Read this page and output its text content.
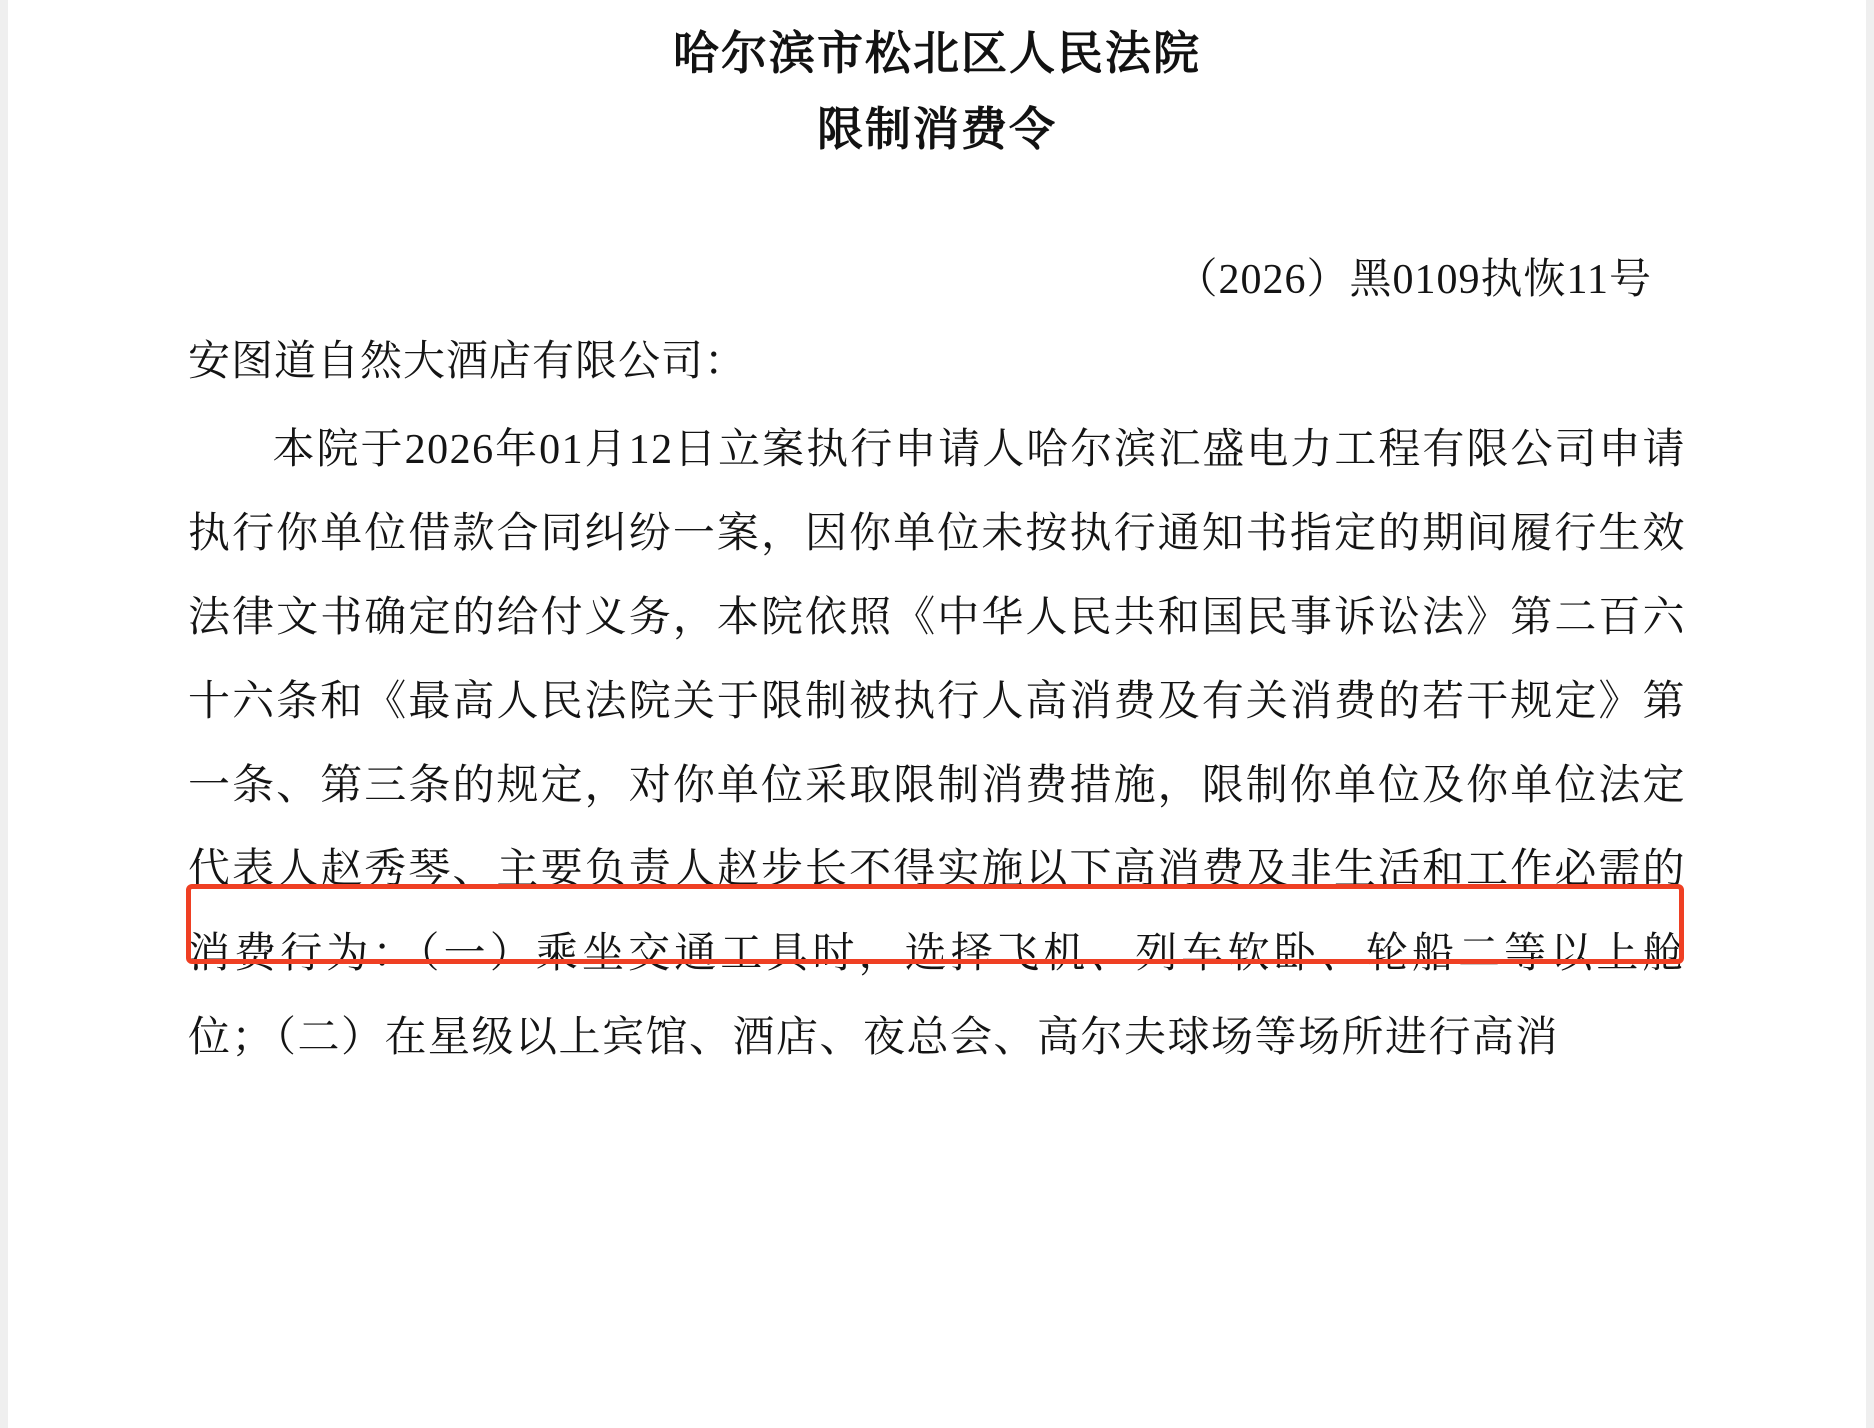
哈尔滨市松北区人民法院
限制消费令
（2026）黑0109执恢11号
安图道自然大酒店有限公司：
本院于2026年01月12日立案执行申请人哈尔滨汇盛电力工程有限公司申请执行你单位借款合同纠纷一案，因你单位未按执行通知书指定的期间履行生效法律文书确定的给付义务，本院依照《中华人民共和国民事诉讼法》第二百六十六条和《最高人民法院关于限制被执行人高消费及有关消费的若干规定》第一条、第三条的规定，对你单位采取限制消费措施，限制你单位及你单位法定代表人赵秀琴、主要负责人赵步长不得实施以下高消费及非生活和工作必需的消费行为：（一）乘坐交通工具时，选择飞机、列车软卧、轮船二等以上舱位；（二）在星级以上宾馆、酒店、夜总会、高尔夫球场等场所进行高消
